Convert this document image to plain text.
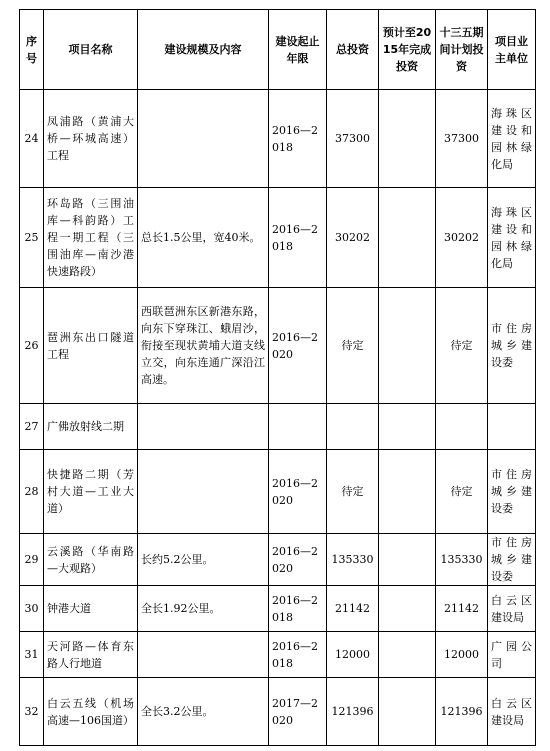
序号	项目名称	建设规模及内容	建设起止年限	总投资	预计至2015年完成投资	十三五期间计划投资	项目业主单位
24	凤浦路（黄浦大桥—环城高速）工程		2016—2018	37300		37300	海珠区建设和园林绿化局
25	环岛路（三围油库—科韵路）工程一期工程（三围油库—南沙港快速路段）	总长1.5公里，宽40米。	2016—2018	30202		30202	海珠区建设和园林绿化局
26	琶洲东出口隧道工程	西联琶洲东区新港东路，向东下穿珠江、蛾眉沙，衔接至现状黄埔大道支线立交，向东连通广深沿江高速。	2016—2020	待定		待定	市住房城乡建设委
27	广佛放射线二期						
28	快捷路二期（芳村大道—工业大道）		2016—2020	待定		待定	市住房城乡建设委
29	云溪路（华南路—大观路）	长约5.2公里。	2016—2020	135330		135330	市住房城乡建设委
30	钟港大道	全长1.92公里。	2016—2018	21142		21142	白云区建设局
31	天河路—体育东路人行地道		2016—2018	12000		12000	广园公司
32	白云五线（机场高速—106国道）	全长3.2公里。	2017—2020	121396		121396	白云区建设局
